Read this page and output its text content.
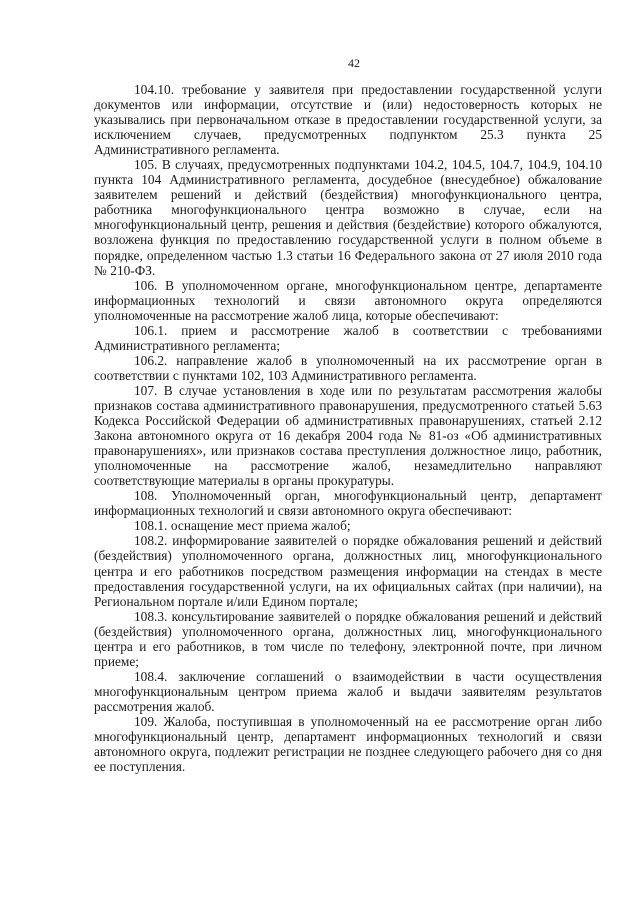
42

104.10. требование у заявителя при предоставлении государственной услуги документов или информации, отсутствие и (или) недостоверность которых не указывались при первоначальном отказе в предоставлении государственной услуги, за исключением случаев, предусмотренных подпунктом 25.3 пункта 25 Административного регламента.

105. В случаях, предусмотренных подпунктами 104.2, 104.5, 104.7, 104.9, 104.10 пункта 104 Административного регламента, досудебное (внесудебное) обжалование заявителем решений и действий (бездействия) многофункционального центра, работника многофункционального центра возможно в случае, если на многофункциональный центр, решения и действия (бездействие) которого обжалуются, возложена функция по предоставлению государственной услуги в полном объеме в порядке, определенном частью 1.3 статьи 16 Федерального закона от 27 июля 2010 года № 210-ФЗ.

106. В уполномоченном органе, многофункциональном центре, департаменте информационных технологий и связи автономного округа определяются уполномоченные на рассмотрение жалоб лица, которые обеспечивают:

106.1. прием и рассмотрение жалоб в соответствии с требованиями Административного регламента;

106.2. направление жалоб в уполномоченный на их рассмотрение орган в соответствии с пунктами 102, 103 Административного регламента.

107. В случае установления в ходе или по результатам рассмотрения жалобы признаков состава административного правонарушения, предусмотренного статьей 5.63 Кодекса Российской Федерации об административных правонарушениях, статьей 2.12 Закона автономного округа от 16 декабря 2004 года № 81-оз «Об административных правонарушениях», или признаков состава преступления должностное лицо, работник, уполномоченные на рассмотрение жалоб, незамедлительно направляют соответствующие материалы в органы прокуратуры.

108. Уполномоченный орган, многофункциональный центр, департамент информационных технологий и связи автономного округа обеспечивают:

108.1. оснащение мест приема жалоб;

108.2. информирование заявителей о порядке обжалования решений и действий (бездействия) уполномоченного органа, должностных лиц, многофункционального центра и его работников посредством размещения информации на стендах в месте предоставления государственной услуги, на их официальных сайтах (при наличии), на Региональном портале и/или Едином портале;

108.3. консультирование заявителей о порядке обжалования решений и действий (бездействия) уполномоченного органа, должностных лиц, многофункционального центра и его работников, в том числе по телефону, электронной почте, при личном приеме;

108.4. заключение соглашений о взаимодействии в части осуществления многофункциональным центром приема жалоб и выдачи заявителям результатов рассмотрения жалоб.

109. Жалоба, поступившая в уполномоченный на ее рассмотрение орган либо многофункциональный центр, департамент информационных технологий и связи автономного округа, подлежит регистрации не позднее следующего рабочего дня со дня ее поступления.
